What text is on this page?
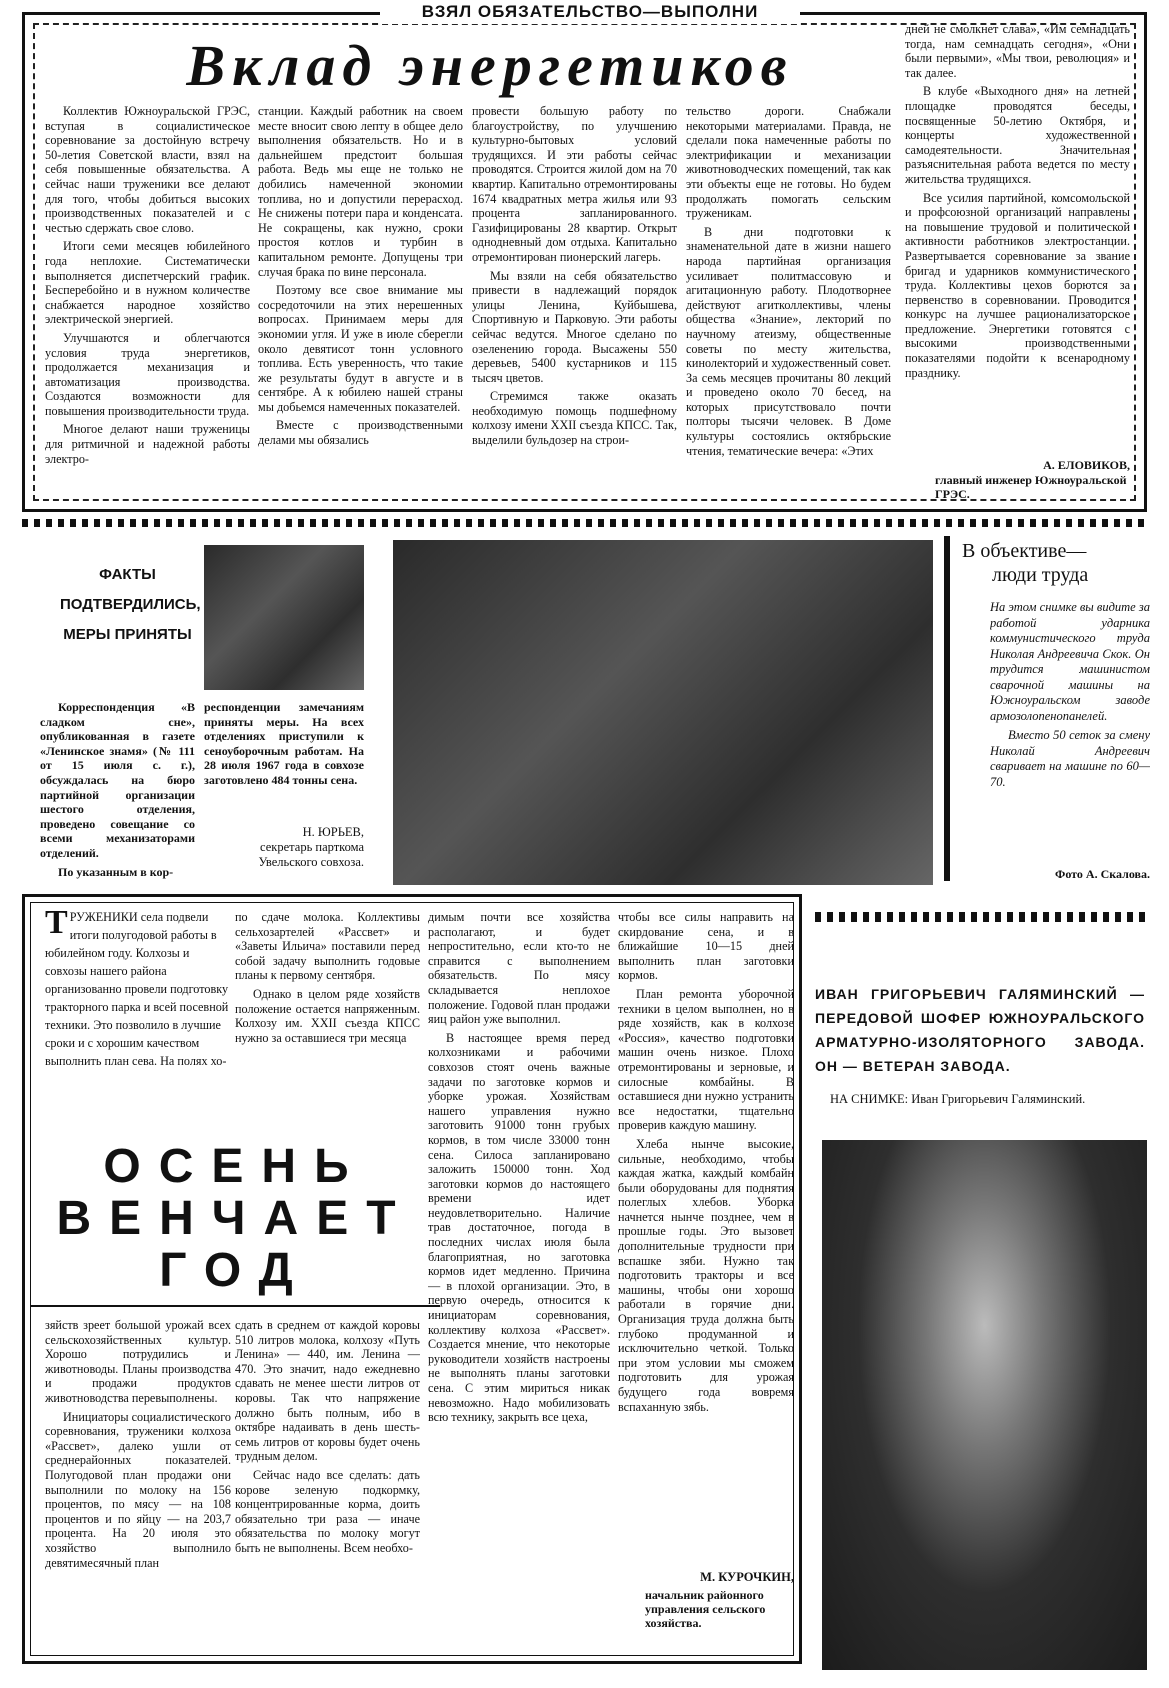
ВЗЯЛ ОБЯЗАТЕЛЬСТВО—ВЫПОЛНИ
Вклад энергетиков

Коллектив Южноуральской ГРЭС, вступая в социалистическое соревнование за достойную встречу 50-летия Советской власти, взял на себя повышенные обязательства. А сейчас наши труженики все делают для того, чтобы добиться высоких производственных показателей и с честью сдержать свое слово.

Итоги семи месяцев юбилейного года неплохие. Систематически выполняется диспетчерский график. Бесперебойно и в нужном количестве снабжается народное хозяйство электрической энергией.

Улучшаются и облегчаются условия труда энергетиков, продолжается механизация и автоматизация производства. Создаются возможности для повышения производительности труда.

Многое делают наши труженицы для ритмичной и надежной работы электро-

станции. Каждый работник на своем месте вносит свою лепту в общее дело выполнения обязательств. Но и в дальнейшем предстоит большая работа. Ведь мы еще не только не добились намеченной экономии топлива, но и допустили перерасход. Не снижены потери пара и конденсата. Не сокращены, как нужно, сроки простоя котлов и турбин в капитальном ремонте. Допущены три случая брака по вине персонала.

Поэтому все свое внимание мы сосредоточили на этих нерешенных вопросах. Принимаем меры для экономии угля. И уже в июле сберегли около девятисот тонн условного топлива. Есть уверенность, что такие же результаты будут в августе и в сентябре. А к юбилею нашей страны мы добьемся намеченных показателей.

Вместе с производственными делами мы обязались

провести большую работу по благоустройству, по улучшению культурно-бытовых условий трудящихся. И эти работы сейчас проводятся. Строится жилой дом на 70 квартир. Капитально отремонтированы 1674 квадратных метра жилья или 93 процента запланированного. Газифицированы 28 квартир. Открыт однодневный дом отдыха. Капитально отремонтирован пионерский лагерь.

Мы взяли на себя обязательство привести в надлежащий порядок улицы Ленина, Куйбышева, Спортивную и Парковую. Эти работы сейчас ведутся. Многое сделано по озеленению города. Высажены 550 деревьев, 5400 кустарников и 115 тысяч цветов.

Стремимся также оказать необходимую помощь подшефному колхозу имени XXII съезда КПСС. Так, выделили бульдозер на строи-

тельство дороги. Снабжали некоторыми материалами. Правда, не сделали пока намеченные работы по электрификации и механизации животноводческих помещений, так как эти объекты еще не готовы. Но будем продолжать помогать сельским труженикам.

В дни подготовки к знаменательной дате в жизни нашего народа партийная организация усиливает политмассовую и агитационную работу. Плодотворнее действуют агитколлективы, члены общества «Знание», лекторий по научному атеизму, общественные советы по месту жительства, кинолекторий и художественный совет. За семь месяцев прочитаны 80 лекций и проведено около 70 бесед, на которых присутствовало почти полторы тысячи человек. В Доме культуры состоялись октябрьские чтения, тематические вечера: «Этих

дней не смолкнет слава», «Им семнадцать тогда, нам семнадцать сегодня», «Они были первыми», «Мы твои, революция» и так далее.

В клубе «Выходного дня» на летней площадке проводятся беседы, посвященные 50-летию Октября, и концерты художественной самодеятельности. Значительная разъяснительная работа ведется по месту жительства трудящихся.

Все усилия партийной, комсомольской и профсоюзной организаций направлены на повышение трудовой и политической активности работников электростанции. Развертывается соревнование за звание бригад и ударников коммунистического труда. Коллективы цехов борются за первенство в соревновании. Проводится конкурс на лучшее рационализаторское предложение. Энергетики готовятся с высокими производственными показателями подойти к всенародному празднику.

А. ЕЛОВИКОВ,
главный инженер Южноуральской ГРЭС.
ФАКТЫ ПОДТВЕРДИЛИСЬ, МЕРЫ ПРИНЯТЫ

Корреспонденция «В сладком сне», опубликованная в газете «Ленинское знамя» (№ 111 от 15 июля с. г.), обсуждалась на бюро партийной организации шестого отделения, проведено совещание со всеми механизаторами отделений.

По указанным в кор-

респонденции замечаниям приняты меры. На всех отделениях приступили к сеноуборочным работам. На 28 июля 1967 года в совхозе заготовлено 484 тонны сена.

Н. ЮРЬЕВ,
секретарь парткома Увельского совхоза.
В объективе—
люди труда

На этом снимке вы видите за работой ударника коммунистического труда Николая Андреевича Скок. Он трудится машинистом сварочной машины на Южноуральском заводе армозолопенопанелей.

Вместо 50 сеток за смену Николай Андреевич сваривает на машине по 60—70.

Фото А. Скалова.
Т РУЖЕНИКИ села подвели итоги полугодовой работы в юбилейном году. Колхозы и совхозы нашего района организованно провели подготовку тракторного парка и всей посевной техники. Это позволило в лучшие сроки и с хорошим качеством выполнить план сева. На полях хо-

по сдаче молока. Коллективы сельхозартелей «Рассвет» и «Заветы Ильича» поставили перед собой задачу выполнить годовые планы к первому сентября.

Однако в целом ряде хозяйств положение остается напряженным. Колхозу им. XXII съезда КПСС нужно за оставшиеся три месяца

ОСЕНЬ
ВЕНЧАЕТ
ГОД

зяйств зреет большой урожай всех сельскохозяйственных культур. Хорошо потрудились и животноводы. Планы производства и продажи продуктов животноводства перевыполнены.

Инициаторы социалистического соревнования, труженики колхоза «Рассвет», далеко ушли от среднерайонных показателей. Полугодовой план продажи они выполнили по молоку на 156 процентов, по мясу — на 108 процентов и по яйцу — на 203,7 процента. На 20 июля это хозяйство выполнило девятимесячный план

сдать в среднем от каждой коровы 510 литров молока, колхозу «Путь Ленина» — 440, им. Ленина — 470. Это значит, надо ежедневно сдавать не менее шести литров от коровы. Так что напряжение должно быть полным, ибо в октябре надаивать в день шесть-семь литров от коровы будет очень трудным делом.

Сейчас надо все сделать: дать корове зеленую подкормку, концентрированные корма, доить обязательно три раза — иначе обязательства по молоку могут быть не выполнены. Всем необхо-

димым почти все хозяйства располагают, и будет непростительно, если кто-то не справится с выполнением обязательств. По мясу складывается неплохое положение. Годовой план продажи яиц район уже выполнил.

В настоящее время перед колхозниками и рабочими совхозов стоят очень важные задачи по заготовке кормов и уборке урожая. Хозяйствам нашего управления нужно заготовить 91000 тонн грубых кормов, в том числе 33000 тонн сена. Силоса запланировано заложить 150000 тонн. Ход заготовки кормов до настоящего времени идет неудовлетворительно. Наличие трав достаточное, погода в последних числах июля была благоприятная, но заготовка кормов идет медленно. Причина — в плохой организации. Это, в первую очередь, относится к инициаторам соревнования, коллективу колхоза «Рассвет». Создается мнение, что некоторые руководители хозяйств настроены не выполнять планы заготовки сена. С этим мириться никак невозможно. Надо мобилизовать всю технику, закрыть все цеха,

чтобы все силы направить на скирдование сена, и в ближайшие 10—15 дней выполнить план заготовки кормов.

План ремонта уборочной техники в целом выполнен, но в ряде хозяйств, как в колхозе «Россия», качество подготовки машин очень низкое. Плохо отремонтированы и зерновые, и силосные комбайны. В оставшиеся дни нужно устранить все недостатки, тщательно проверив каждую машину.

Хлеба нынче высокие, сильные, необходимо, чтобы каждая жатка, каждый комбайн были оборудованы для поднятия полеглых хлебов. Уборка начнется нынче позднее, чем в прошлые годы. Это вызовет дополнительные трудности при вспашке зяби. Нужно так подготовить тракторы и все машины, чтобы они хорошо работали в горячие дни. Организация труда должна быть глубоко продуманной и исключительно четкой. Только при этом условии мы сможем подготовить для урожая будущего года вовремя вспаханную зябь.

М. КУРОЧКИН,
начальник районного управления сельского хозяйства.
ИВАН ГРИГОРЬЕВИЧ ГАЛЯМИНСКИЙ — ПЕРЕДОВОЙ ШОФЕР ЮЖНОУРАЛЬСКОГО АРМАТУРНО-ИЗОЛЯТОРНОГО ЗАВОДА. ОН — ВЕТЕРАН ЗАВОДА.
НА СНИМКЕ: Иван Григорьевич Галяминский.
